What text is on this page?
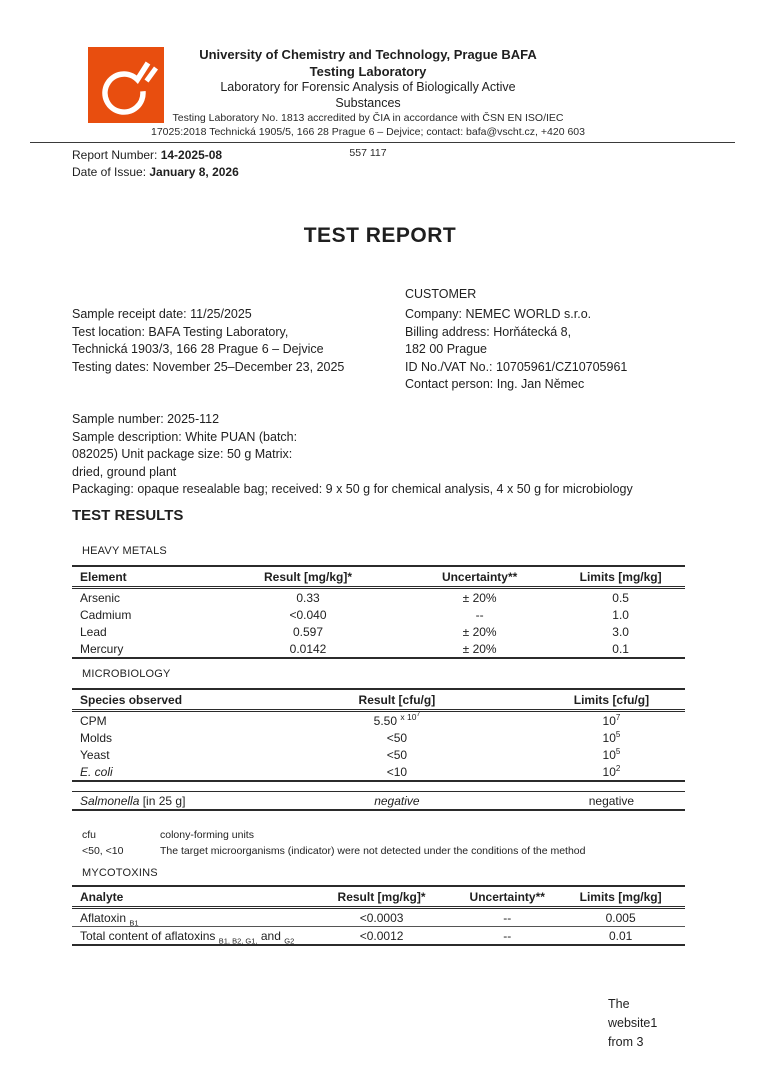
University of Chemistry and Technology, Prague BAFA
Testing Laboratory
Laboratory for Forensic Analysis of Biologically Active
Substances
Testing Laboratory No. 1813 accredited by ČIA in accordance with ČSN EN ISO/IEC
17025:2018 Technická 1905/5, 166 28 Prague 6 – Dejvice; contact: bafa@vscht.cz, +420 603
557 117
Report Number: 14-2025-08
Date of Issue: January 8, 2026
TEST REPORT
CUSTOMER
Sample receipt date: 11/25/2025
Test location: BAFA Testing Laboratory,
Technická 1903/3, 166 28 Prague 6 – Dejvice
Testing dates: November 25–December 23, 2025
Company: NEMEC WORLD s.r.o.
Billing address: Horňátecká 8,
182 00 Prague
ID No./VAT No.: 10705961/CZ10705961
Contact person: Ing. Jan Němec
Sample number: 2025-112
Sample description: White PUAN (batch:
082025) Unit package size: 50 g Matrix:
dried, ground plant
Packaging: opaque resealable bag; received: 9 x 50 g for chemical analysis, 4 x 50 g for microbiology
TEST RESULTS
HEAVY METALS
Element	Result [mg/kg]*	Uncertainty**	Limits [mg/kg]
Arsenic	0.33	± 20%	0.5
Cadmium	<0.040	--	1.0
Lead	0.597	± 20%	3.0
Mercury	0.0142	± 20%	0.1
MICROBIOLOGY
Species observed	Result [cfu/g]	Limits [cfu/g]
CPM	5.50 $^{x 10^7}$	$10^7$
Molds	<50	$10^5$
Yeast	<50	$10^5$
E. coli	<10	$10^2$
Salmonella [in 25 g]	negative	negative
cfu	colony-forming units
<50, <10	The target microorganisms (indicator) were not detected under the conditions of the method
MYCOTOXINS
Analyte	Result [mg/kg]*	Uncertainty**	Limits [mg/kg]
Aflatoxin $_{B1}$	<0.0003	--	0.005
Total content of aflatoxins $_{B1, B2, G1,}$ and $_{G2}$	<0.0012	--	0.01
The
website1
from 3
